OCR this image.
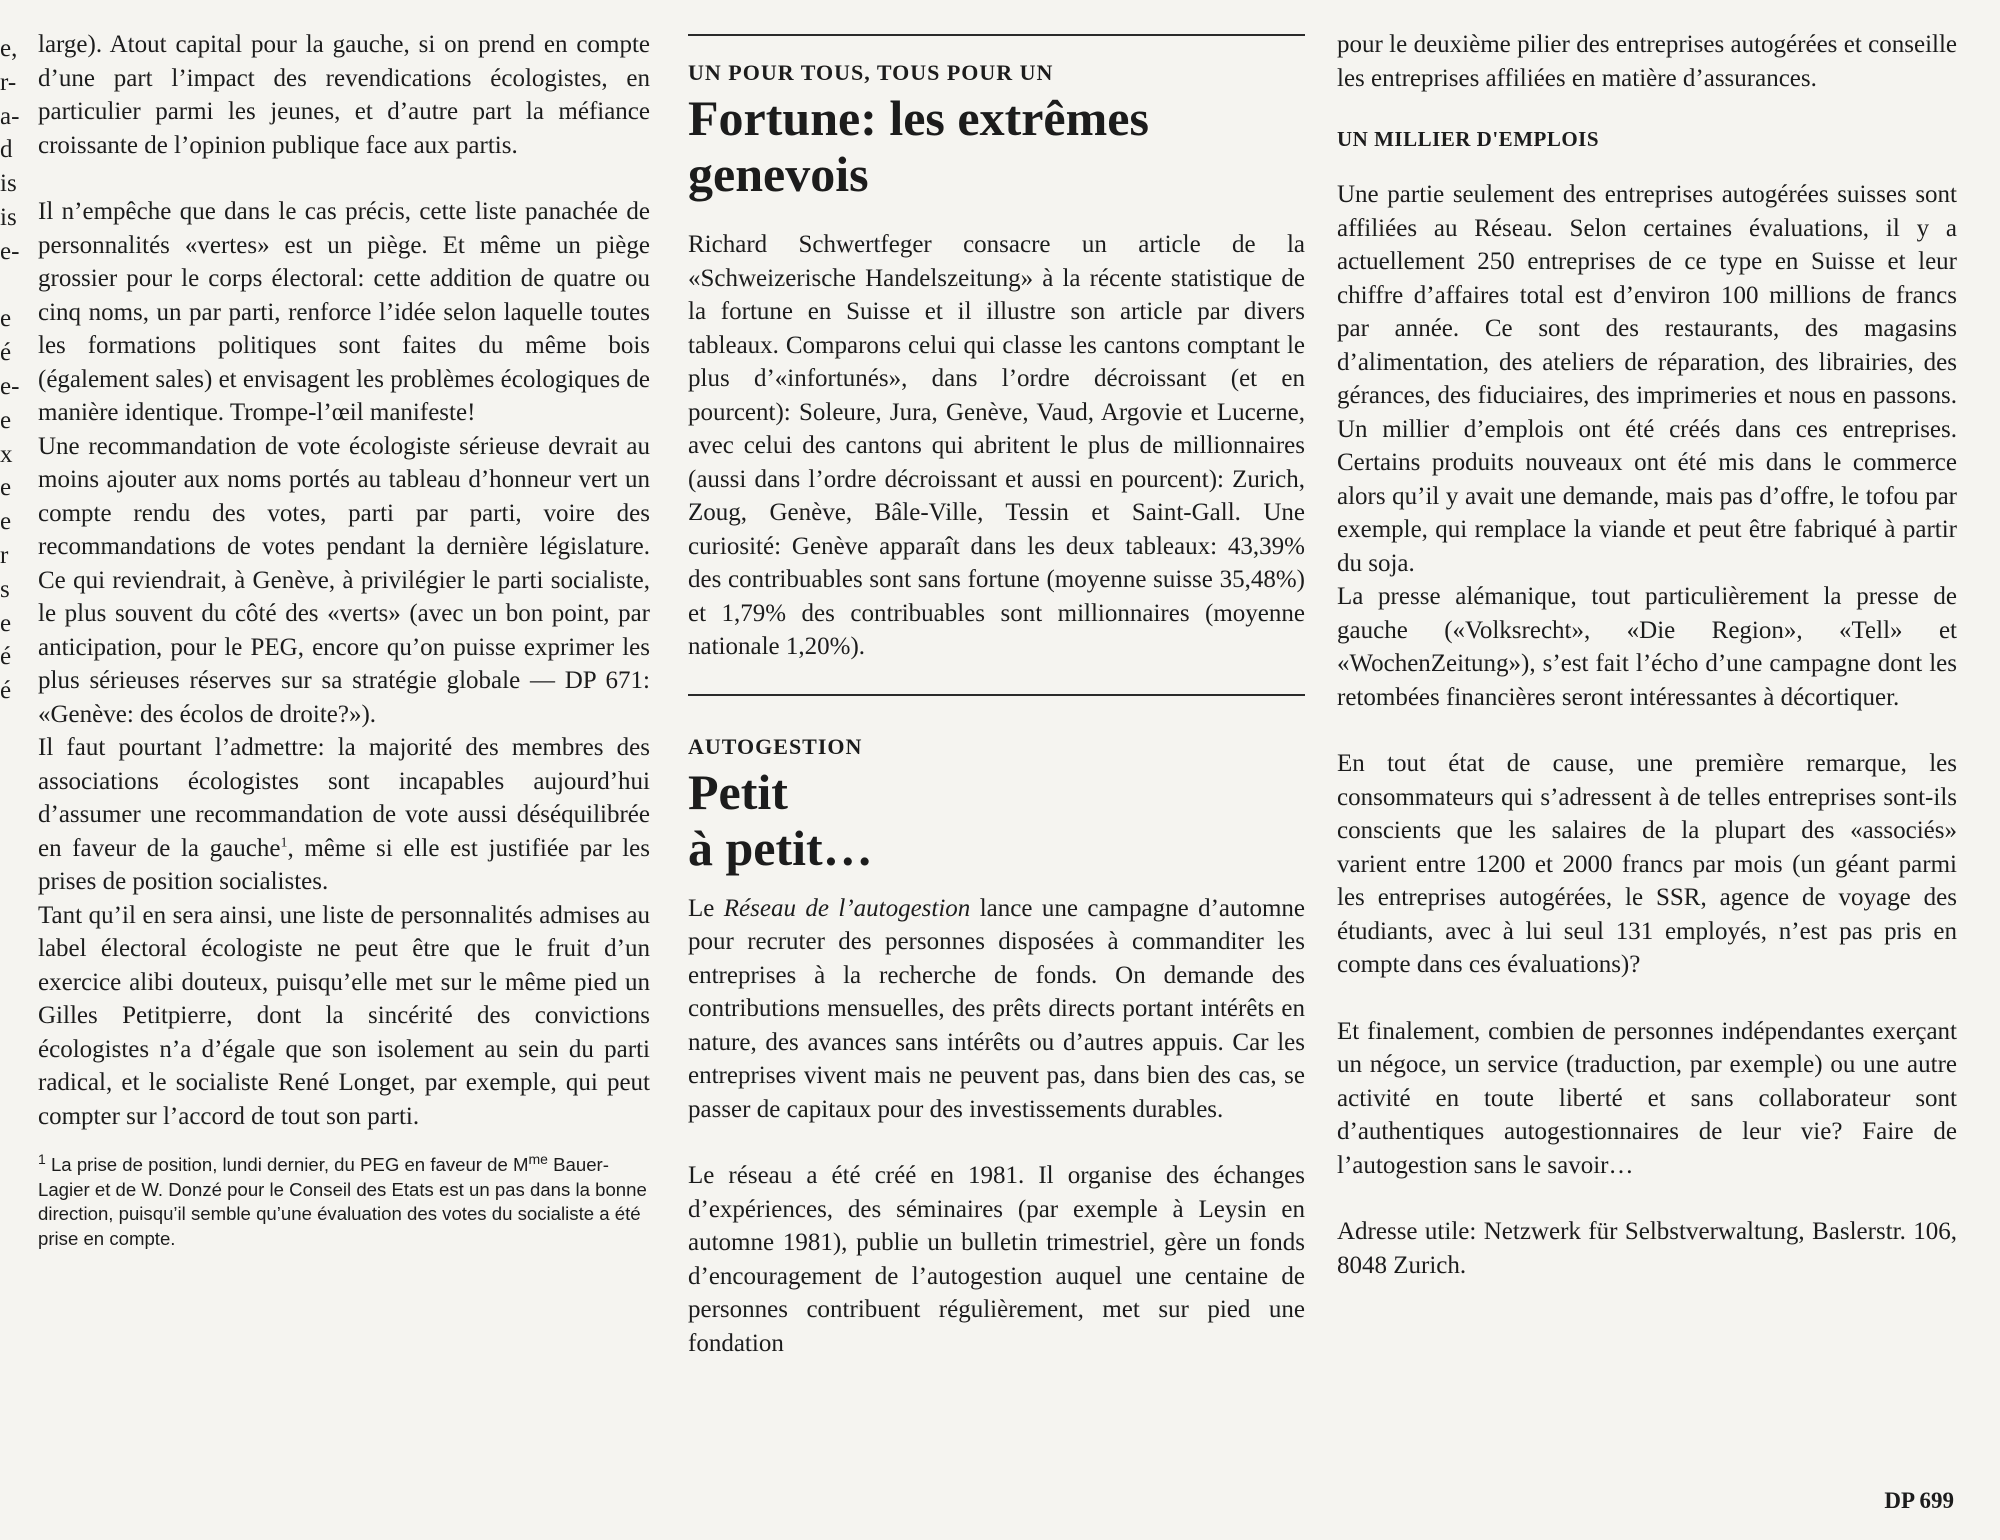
e,
r-
a-
d
is
is
e-
e
é
e-
e
x
e
e
r
s
e
é
é

large). Atout capital pour la gauche, si on prend en compte d’une part l’impact des revendications écologistes, en particulier parmi les jeunes, et d’autre part la méfiance croissante de l’opinion publique face aux partis.

Il n’empêche que dans le cas précis, cette liste panachée de personnalités «vertes» est un piège. Et même un piège grossier pour le corps électoral: cette addition de quatre ou cinq noms, un par parti, renforce l’idée selon laquelle toutes les formations politiques sont faites du même bois (également sales) et envisagent les problèmes écologiques de manière identique. Trompe-l’œil manifeste!

Une recommandation de vote écologiste sérieuse devrait au moins ajouter aux noms portés au tableau d’honneur vert un compte rendu des votes, parti par parti, voire des recommandations de votes pendant la dernière législature. Ce qui reviendrait, à Genève, à privilégier le parti socialiste, le plus souvent du côté des «verts» (avec un bon point, par anticipation, pour le PEG, encore qu’on puisse exprimer les plus sérieuses réserves sur sa stratégie globale — DP 671: «Genève: des écolos de droite?»).

Il faut pourtant l’admettre: la majorité des membres des associations écologistes sont incapables aujourd’hui d’assumer une recommandation de vote aussi déséquilibrée en faveur de la gauche$^1$, même si elle est justifiée par les prises de position socialistes.

Tant qu’il en sera ainsi, une liste de personnalités admises au label électoral écologiste ne peut être que le fruit d’un exercice alibi douteux, puisqu’elle met sur le même pied un Gilles Petitpierre, dont la sincérité des convictions écologistes n’a d’égale que son isolement au sein du parti radical, et le socialiste René Longet, par exemple, qui peut compter sur l’accord de tout son parti.

$^1$ La prise de position, lundi dernier, du PEG en faveur de $M^{me}$ Bauer-Lagier et de W. Donzé pour le Conseil des Etats est un pas dans la bonne direction, puisqu’il semble qu’une évaluation des votes du socialiste a été prise en compte.

UN POUR TOUS, TOUS POUR UN

Fortune: les extrêmes genevois

Richard Schwertfeger consacre un article de la «Schweizerische Handelszeitung» à la récente statistique de la fortune en Suisse et il illustre son article par divers tableaux. Comparons celui qui classe les cantons comptant le plus d’«infortunés», dans l’ordre décroissant (et en pourcent): Soleure, Jura, Genève, Vaud, Argovie et Lucerne, avec celui des cantons qui abritent le plus de millionnaires (aussi dans l’ordre décroissant et aussi en pourcent): Zurich, Zoug, Genève, Bâle-Ville, Tessin et Saint-Gall. Une curiosité: Genève apparaît dans les deux tableaux: 43,39% des contribuables sont sans fortune (moyenne suisse 35,48%) et 1,79% des contribuables sont millionnaires (moyenne nationale 1,20%).

AUTOGESTION

Petit
à petit…

Le Réseau de l’autogestion lance une campagne d’automne pour recruter des personnes disposées à commanditer les entreprises à la recherche de fonds. On demande des contributions mensuelles, des prêts directs portant intérêts en nature, des avances sans intérêts ou d’autres appuis. Car les entreprises vivent mais ne peuvent pas, dans bien des cas, se passer de capitaux pour des investissements durables.

Le réseau a été créé en 1981. Il organise des échanges d’expériences, des séminaires (par exemple à Leysin en automne 1981), publie un bulletin trimestriel, gère un fonds d’encouragement de l’autogestion auquel une centaine de personnes contribuent régulièrement, met sur pied une fondation

pour le deuxième pilier des entreprises autogérées et conseille les entreprises affiliées en matière d’assurances.

UN MILLIER D'EMPLOIS

Une partie seulement des entreprises autogérées suisses sont affiliées au Réseau. Selon certaines évaluations, il y a actuellement 250 entreprises de ce type en Suisse et leur chiffre d’affaires total est d’environ 100 millions de francs par année. Ce sont des restaurants, des magasins d’alimentation, des ateliers de réparation, des librairies, des gérances, des fiduciaires, des imprimeries et nous en passons. Un millier d’emplois ont été créés dans ces entreprises. Certains produits nouveaux ont été mis dans le commerce alors qu’il y avait une demande, mais pas d’offre, le tofou par exemple, qui remplace la viande et peut être fabriqué à partir du soja.

La presse alémanique, tout particulièrement la presse de gauche («Volksrecht», «Die Region», «Tell» et «WochenZeitung»), s’est fait l’écho d’une campagne dont les retombées financières seront intéressantes à décortiquer.

En tout état de cause, une première remarque, les consommateurs qui s’adressent à de telles entreprises sont-ils conscients que les salaires de la plupart des «associés» varient entre 1200 et 2000 francs par mois (un géant parmi les entreprises autogérées, le SSR, agence de voyage des étudiants, avec à lui seul 131 employés, n’est pas pris en compte dans ces évaluations)?

Et finalement, combien de personnes indépendantes exerçant un négoce, un service (traduction, par exemple) ou une autre activité en toute liberté et sans collaborateur sont d’authentiques autogestionnaires de leur vie? Faire de l’autogestion sans le savoir…

Adresse utile: Netzwerk für Selbstverwaltung, Baslerstr. 106, 8048 Zurich.

DP 699
